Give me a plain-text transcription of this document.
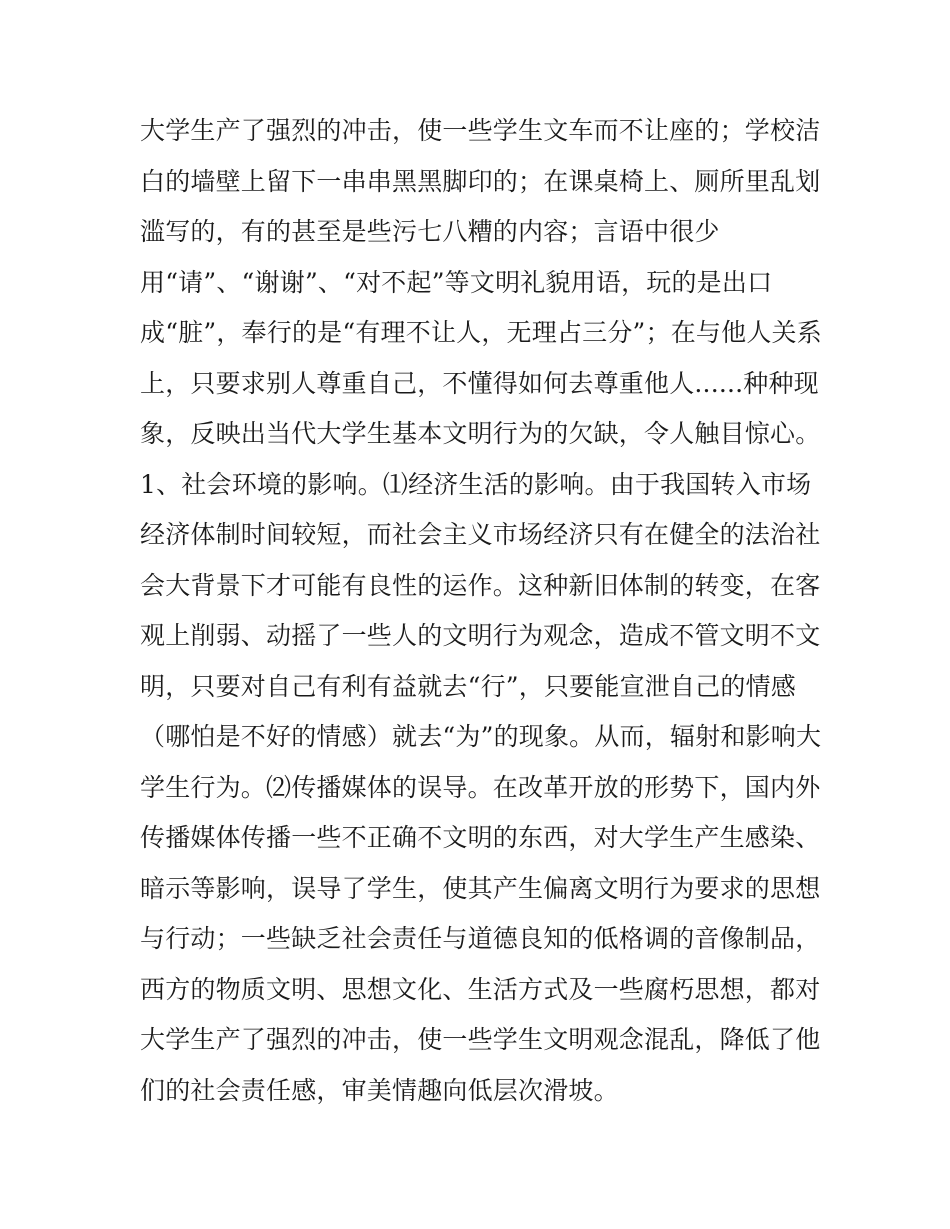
大学生产了强烈的冲击，使一些学生文车而不让座的；学校洁
白的墙壁上留下一串串黑黑脚印的；在课桌椅上、厕所里乱划
滥写的，有的甚至是些污七八糟的内容；言语中很少
用“请”、“谢谢”、“对不起”等文明礼貌用语，玩的是出口
成“脏”，奉行的是“有理不让人，无理占三分”；在与他人关系
上，只要求别人尊重自己，不懂得如何去尊重他人......种种现
象，反映出当代大学生基本文明行为的欠缺，令人触目惊心。
1、社会环境的影响。⑴经济生活的影响。由于我国转入市场
经济体制时间较短，而社会主义市场经济只有在健全的法治社
会大背景下才可能有良性的运作。这种新旧体制的转变，在客
观上削弱、动摇了一些人的文明行为观念，造成不管文明不文
明，只要对自己有利有益就去“行”，只要能宣泄自己的情感
（哪怕是不好的情感）就去“为”的现象。从而，辐射和影响大
学生行为。⑵传播媒体的误导。在改革开放的形势下，国内外
传播媒体传播一些不正确不文明的东西，对大学生产生感染、
暗示等影响，误导了学生，使其产生偏离文明行为要求的思想
与行动；一些缺乏社会责任与道德良知的低格调的音像制品，
西方的物质文明、思想文化、生活方式及一些腐朽思想，都对
大学生产了强烈的冲击，使一些学生文明观念混乱，降低了他
们的社会责任感，审美情趣向低层次滑坡。
